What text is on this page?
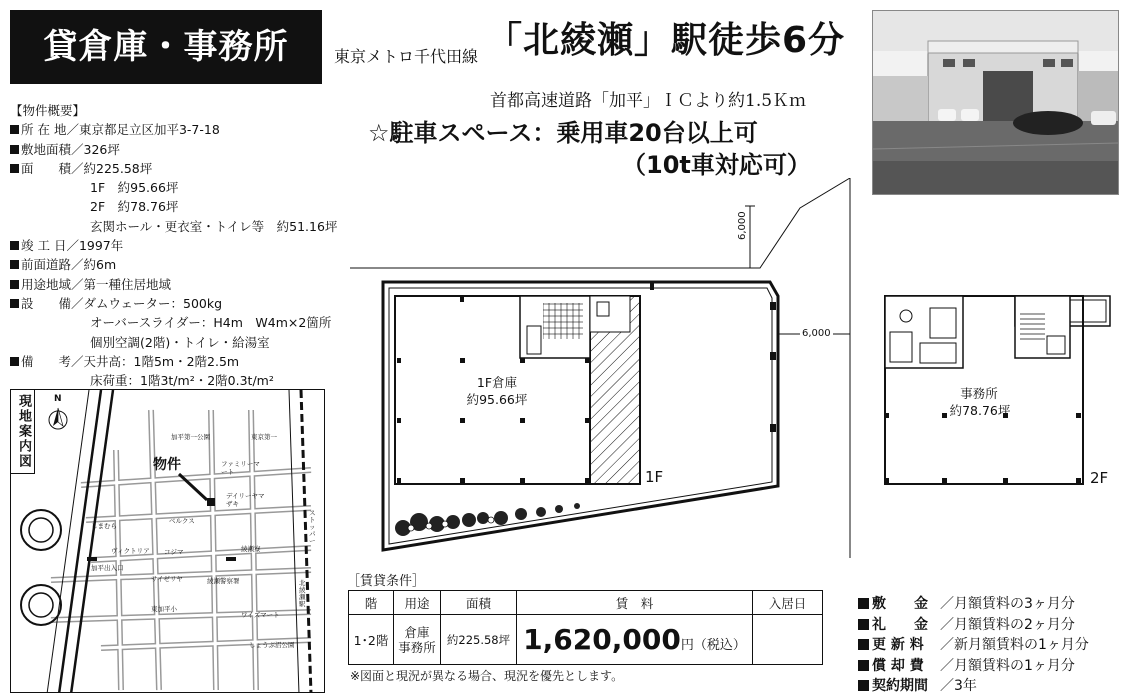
貸倉庫・事務所	東京メトロ千代田線 「北綾瀬」駅徒歩6分
首都高速道路「加平」ＩＣより約1.5Ｋｍ
☆駐車スペース：乗用車20台以上可
（10t車対応可）
【物件概要】
所 在 地／東京都足立区加平3-7-18
敷地面積／326坪
面　　積／約225.58坪
1F　約95.66坪
2F　約78.76坪
玄関ホール・更衣室・トイレ等　約51.16坪
竣 工 日／1997年
前面道路／約6m
用途地域／第一種住居地域
設　　備／ダムウェーター：500kg
オーバースライダー：H4m　W4m×2箇所
個別空調(2階)・トイレ・給湯室
備　　考／天井高：1階5m・2階2.5m
床荷重：1階3t/m²・2階0.3t/m²
現地案内図	N
物件
加平第一公園	東京第一
ファミリーマート
デイリーヤマザキ
しまむら
ベルクス
ヴィクトリア コジマ	綾瀬寮
サイゼリヤ	綾瀬警察署
東加平小
ワイズマート
しょうぶ沼公園
ストッパー
北綾瀬駅
加平出入口
6,000
6,000
1F倉庫
約95.66坪
1F
事務所
約78.76坪
2F
［賃貸条件］
階	用途	面積	賃　料	入居日
1･2階	倉庫
事務所	約225.58坪	1,620,000円（税込）	
※図面と現況が異なる場合、現況を優先とします。
敷　　金 ／月額賃料の3ヶ月分
礼　　金 ／月額賃料の2ヶ月分
更 新 料 ／新月額賃料の1ヶ月分
償 却 費 ／月額賃料の1ヶ月分
契約期間 ／3年
